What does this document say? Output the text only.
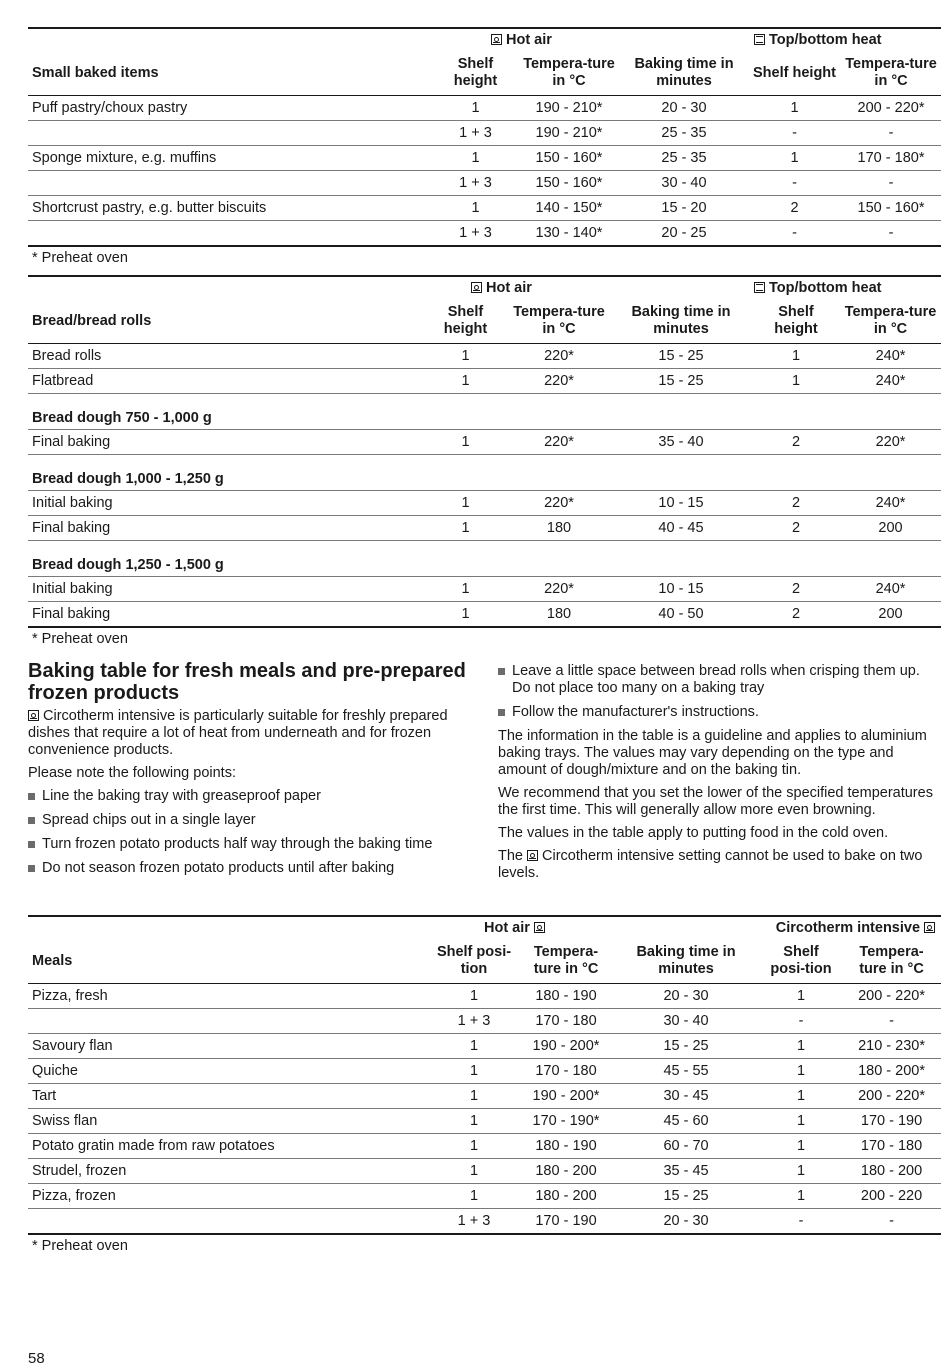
	Hot air			Top/bottom heat	
Small baked items	Shelf height	Tempera-ture in °C	Baking time in minutes	Shelf height	Tempera-ture in °C
Puff pastry/choux pastry	1	190 - 210*	20 - 30	1	200 - 220*
	1 + 3	190 - 210*	25 - 35	-	-
Sponge mixture, e.g. muffins	1	150 - 160*	25 - 35	1	170 - 180*
	1 + 3	150 - 160*	30 - 40	-	-
Shortcrust pastry, e.g. butter biscuits	1	140 - 150*	15 - 20	2	150 - 160*
	1 + 3	130 - 140*	20 - 25	-	-
* Preheat oven
	Hot air			Top/bottom heat	
Bread/bread rolls	Shelf height	Tempera-ture in °C	Baking time in minutes	Shelf height	Tempera-ture in °C
Bread rolls	1	220*	15 - 25	1	240*
Flatbread	1	220*	15 - 25	1	240*
Bread dough 750 - 1,000 g					
Final baking	1	220*	35 - 40	2	220*
Bread dough 1,000 - 1,250 g					
Initial baking	1	220*	10 - 15	2	240*
Final baking	1	180	40 - 45	2	200
Bread dough 1,250 - 1,500 g					
Initial baking	1	220*	10 - 15	2	240*
Final baking	1	180	40 - 50	2	200
* Preheat oven
Baking table for fresh meals and pre-prepared frozen products

Circotherm intensive is particularly suitable for freshly prepared dishes that require a lot of heat from underneath and for frozen convenience products.

Please note the following points:

Line the baking tray with greaseproof paper
Spread chips out in a single layer
Turn frozen potato products half way through the baking time
Do not season frozen potato products until after baking
Leave a little space between bread rolls when crisping them up. Do not place too many on a baking tray
Follow the manufacturer's instructions.

The information in the table is a guideline and applies to aluminium baking trays. The values may vary depending on the type and amount of dough/mixture and on the baking tin.

We recommend that you set the lower of the specified temperatures the first time. This will generally allow more even browning.

The values in the table apply to putting food in the cold oven.

The Circotherm intensive setting cannot be used to bake on two levels.

	Hot air			Circotherm intensive	
Meals	Shelf posi-tion	Tempera-ture in °C	Baking time in minutes	Shelf posi-tion	Tempera-ture in °C
Pizza, fresh	1	180 - 190	20 - 30	1	200 - 220*
	1 + 3	170 - 180	30 - 40	-	-
Savoury flan	1	190 - 200*	15 - 25	1	210 - 230*
Quiche	1	170 - 180	45 - 55	1	180 - 200*
Tart	1	190 - 200*	30 - 45	1	200 - 220*
Swiss flan	1	170 - 190*	45 - 60	1	170 - 190
Potato gratin made from raw potatoes	1	180 - 190	60 - 70	1	170 - 180
Strudel, frozen	1	180 - 200	35 - 45	1	180 - 200
Pizza, frozen	1	180 - 200	15 - 25	1	200 - 220
	1 + 3	170 - 190	20 - 30	-	-
* Preheat oven
58
